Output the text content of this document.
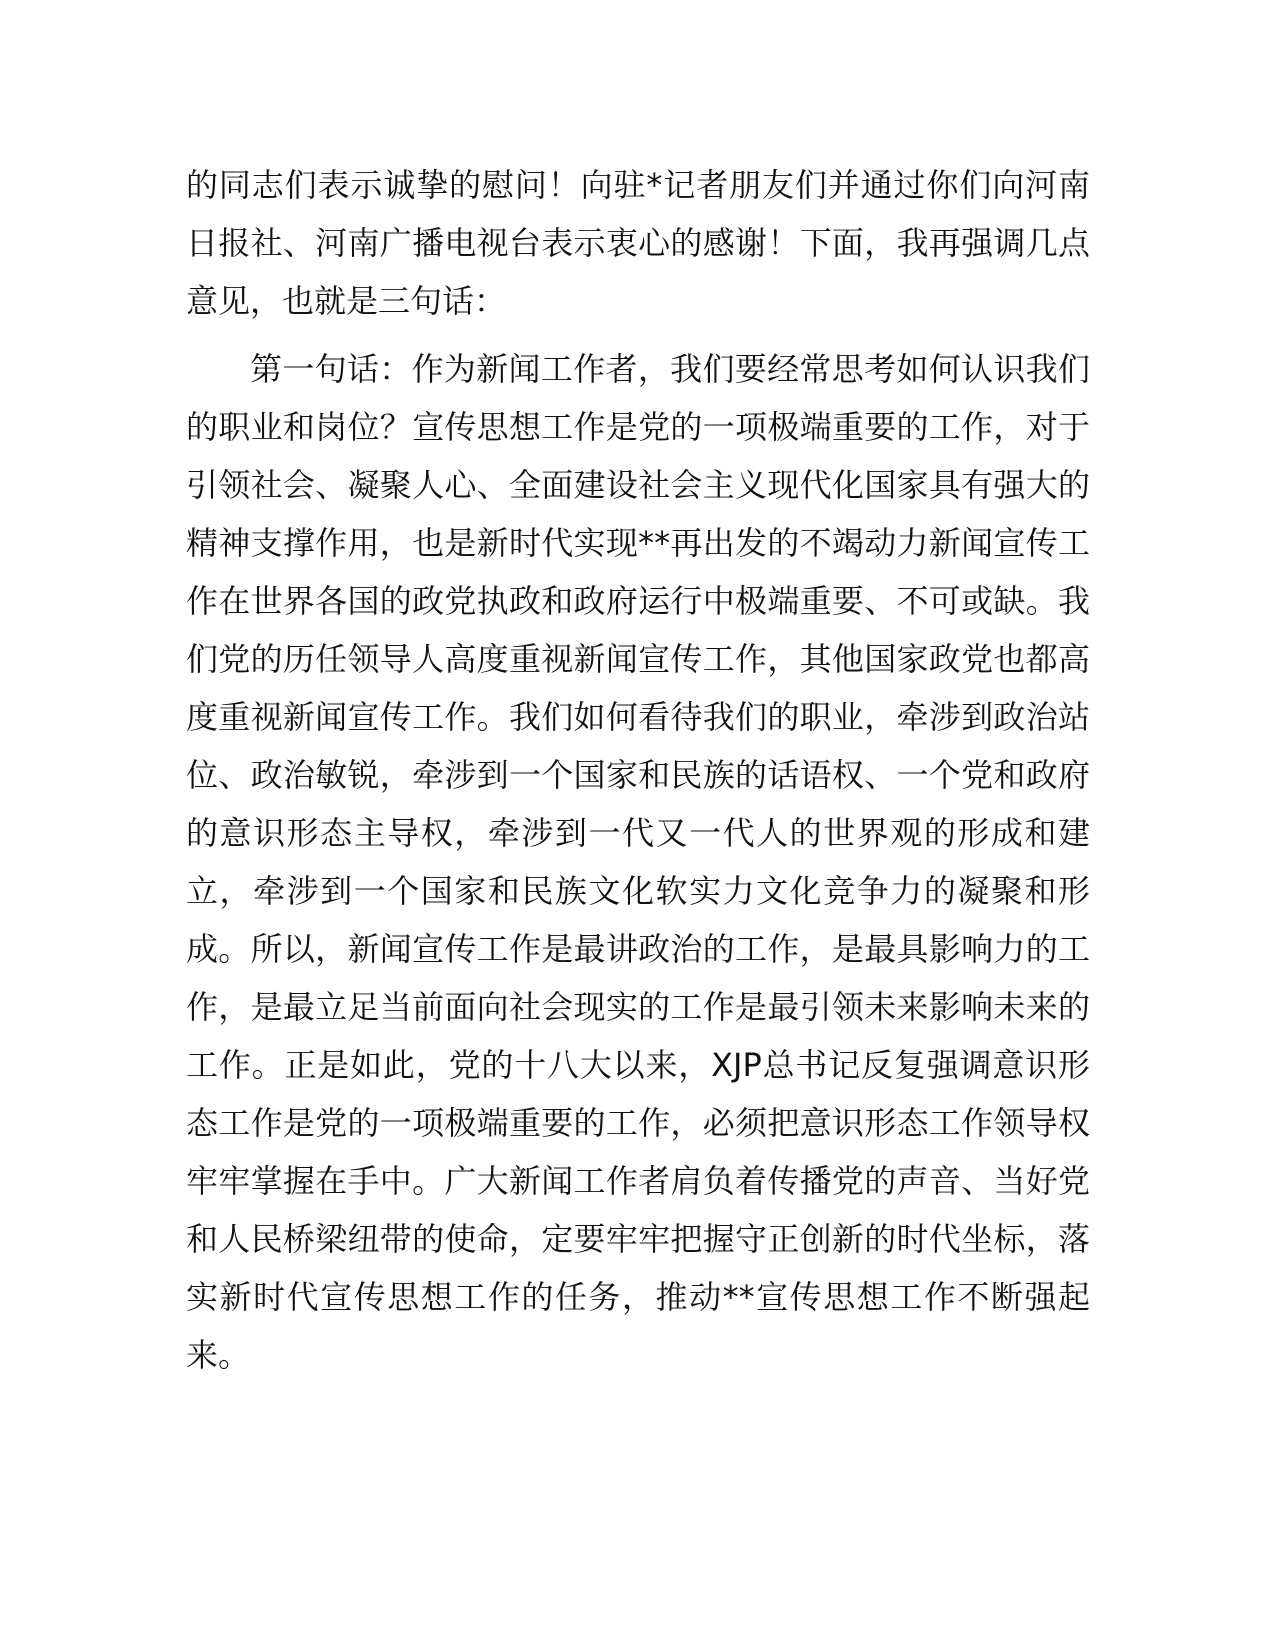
的同志们表示诚挚的慰问！向驻*记者朋友们并通过你们向河南日报社、河南广播电视台表示衷心的感谢！下面，我再强调几点意见，也就是三句话：

第一句话：作为新闻工作者，我们要经常思考如何认识我们的职业和岗位？宣传思想工作是党的一项极端重要的工作，对于引领社会、凝聚人心、全面建设社会主义现代化国家具有强大的精神支撑作用，也是新时代实现**再出发的不竭动力新闻宣传工作在世界各国的政党执政和政府运行中极端重要、不可或缺。我们党的历任领导人高度重视新闻宣传工作，其他国家政党也都高度重视新闻宣传工作。我们如何看待我们的职业，牵涉到政治站位、政治敏锐，牵涉到一个国家和民族的话语权、一个党和政府的意识形态主导权，牵涉到一代又一代人的世界观的形成和建立，牵涉到一个国家和民族文化软实力文化竞争力的凝聚和形成。所以，新闻宣传工作是最讲政治的工作，是最具影响力的工作，是最立足当前面向社会现实的工作是最引领未来影响未来的工作。正是如此，党的十八大以来，XJP总书记反复强调意识形态工作是党的一项极端重要的工作，必须把意识形态工作领导权牢牢掌握在手中。广大新闻工作者肩负着传播党的声音、当好党和人民桥梁纽带的使命，定要牢牢把握守正创新的时代坐标，落实新时代宣传思想工作的任务，推动**宣传思想工作不断强起来。
